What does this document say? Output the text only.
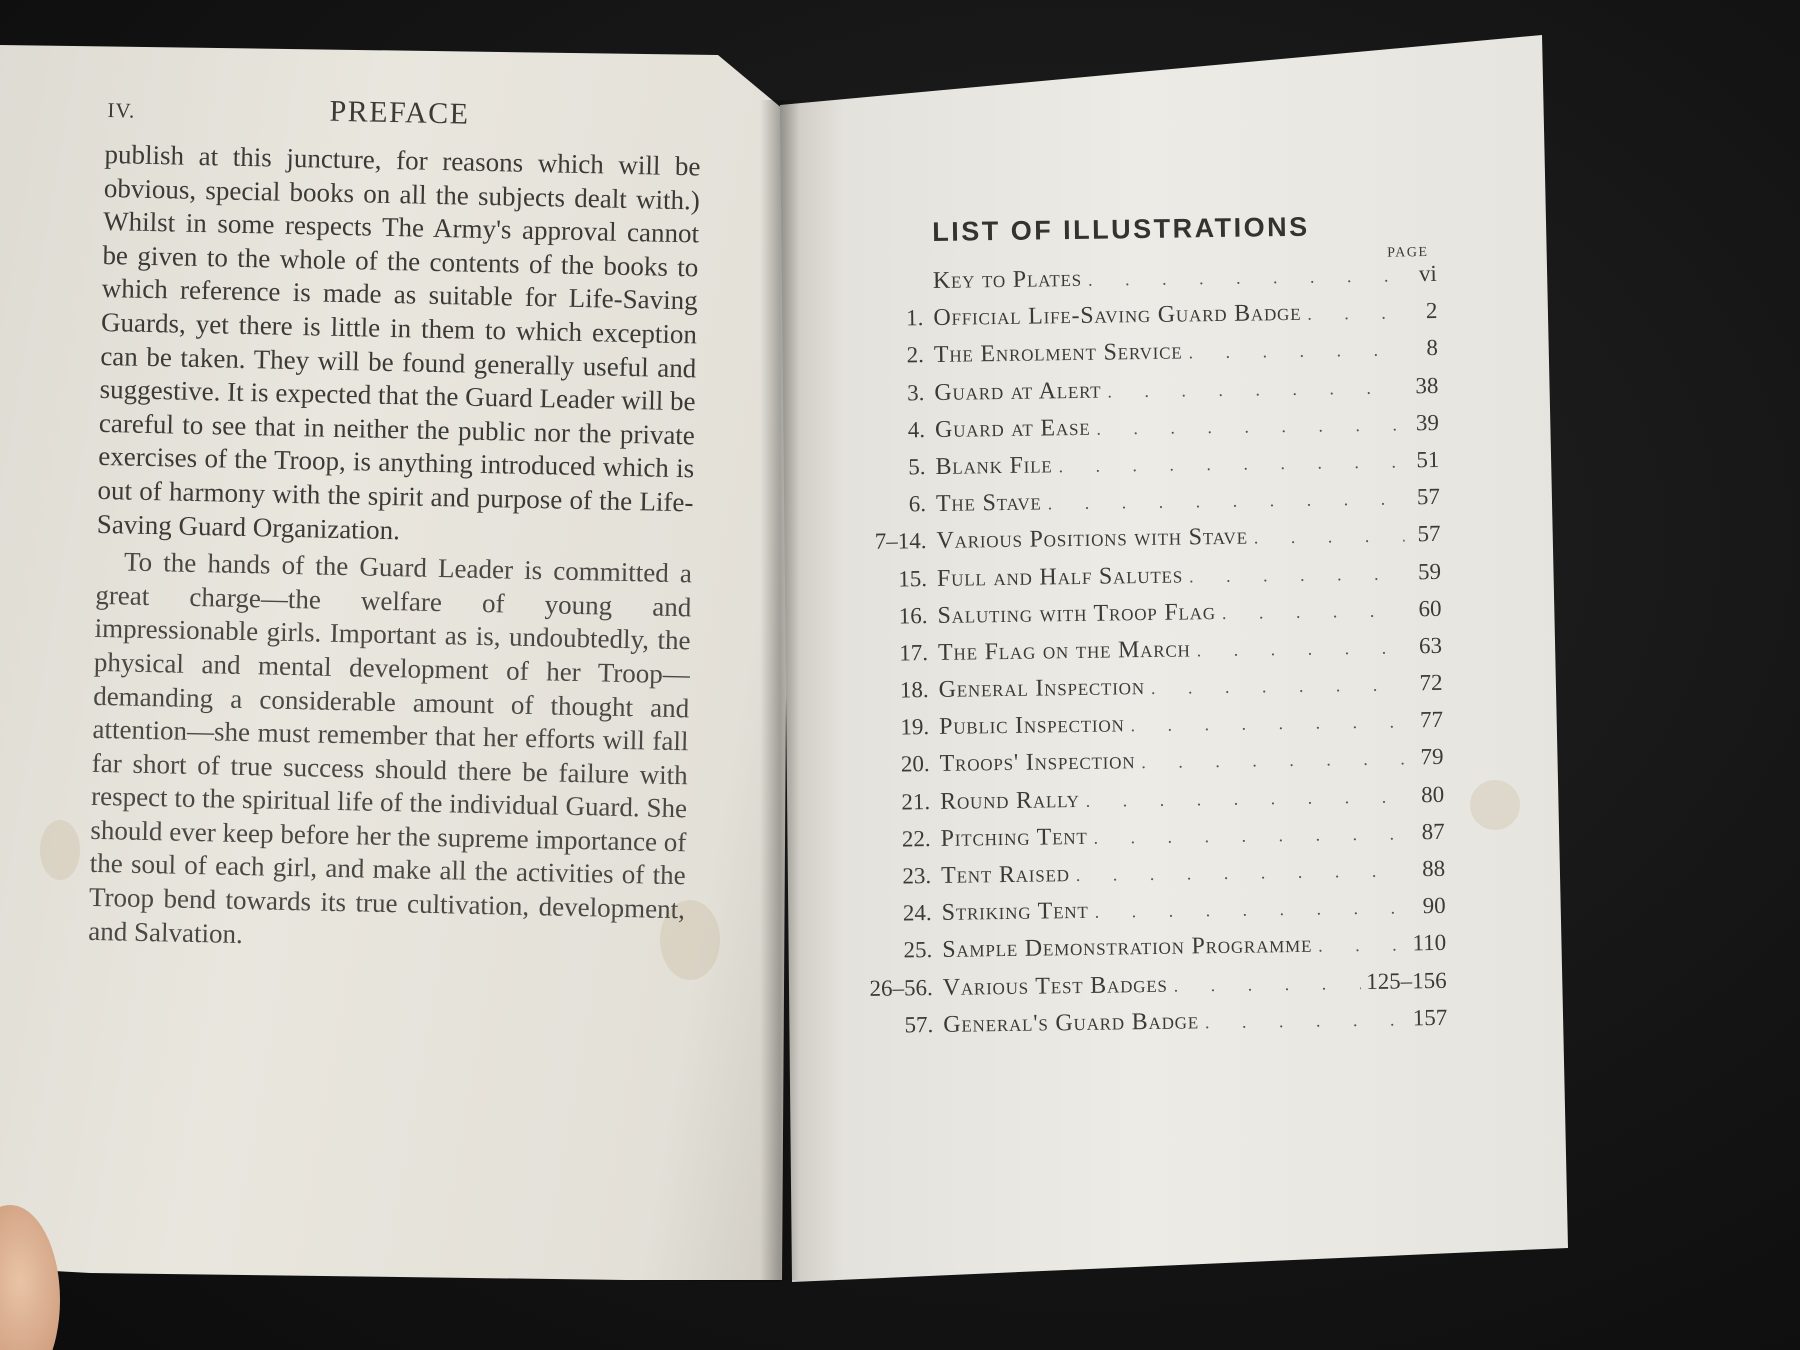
IV.	PREFACE

publish at this juncture, for reasons which will be obvious, special books on all the subjects dealt with.) Whilst in some respects The Army's approval cannot be given to the whole of the contents of the books to which reference is made as suitable for Life-Saving Guards, yet there is little in them to which exception can be taken. They will be found generally useful and suggestive. It is expected that the Guard Leader will be careful to see that in neither the public nor the private exercises of the Troop, is anything introduced which is out of harmony with the spirit and purpose of the Life-Saving Guard Organization.

To the hands of the Guard Leader is committed a great charge—the welfare of young and impressionable girls. Important as is, undoubtedly, the physical and mental development of her Troop—demanding a considerable amount of thought and attention—she must remember that her efforts will fall far short of true success should there be failure with respect to the spiritual life of the individual Guard. She should ever keep before her the supreme importance of the soul of each girl, and make all the activities of the Troop bend towards its true cultivation, development, and Salvation.

LIST OF ILLUSTRATIONS
PAGE
Key to Plates . . .	vi
1. Official Life-Saving Guard Badge . . .	2
2. The Enrolment Service . . .	8
3. Guard at Alert . . .	38
4. Guard at Ease . . .	39
5. Blank File . . .	51
6. The Stave . . .	57
7–14. Various Positions with Stave . . .	57
15. Full and Half Salutes . . .	59
16. Saluting with Troop Flag . . .	60
17. The Flag on the March . . .	63
18. General Inspection . . .	72
19. Public Inspection . . .	77
20. Troops' Inspection . . .	79
21. Round Rally . . .	80
22. Pitching Tent . . .	87
23. Tent Raised . . .	88
24. Striking Tent . . .	90
25. Sample Demonstration Programme . . .	110
26–56. Various Test Badges . . .	125–156
57. General's Guard Badge . . .	157
